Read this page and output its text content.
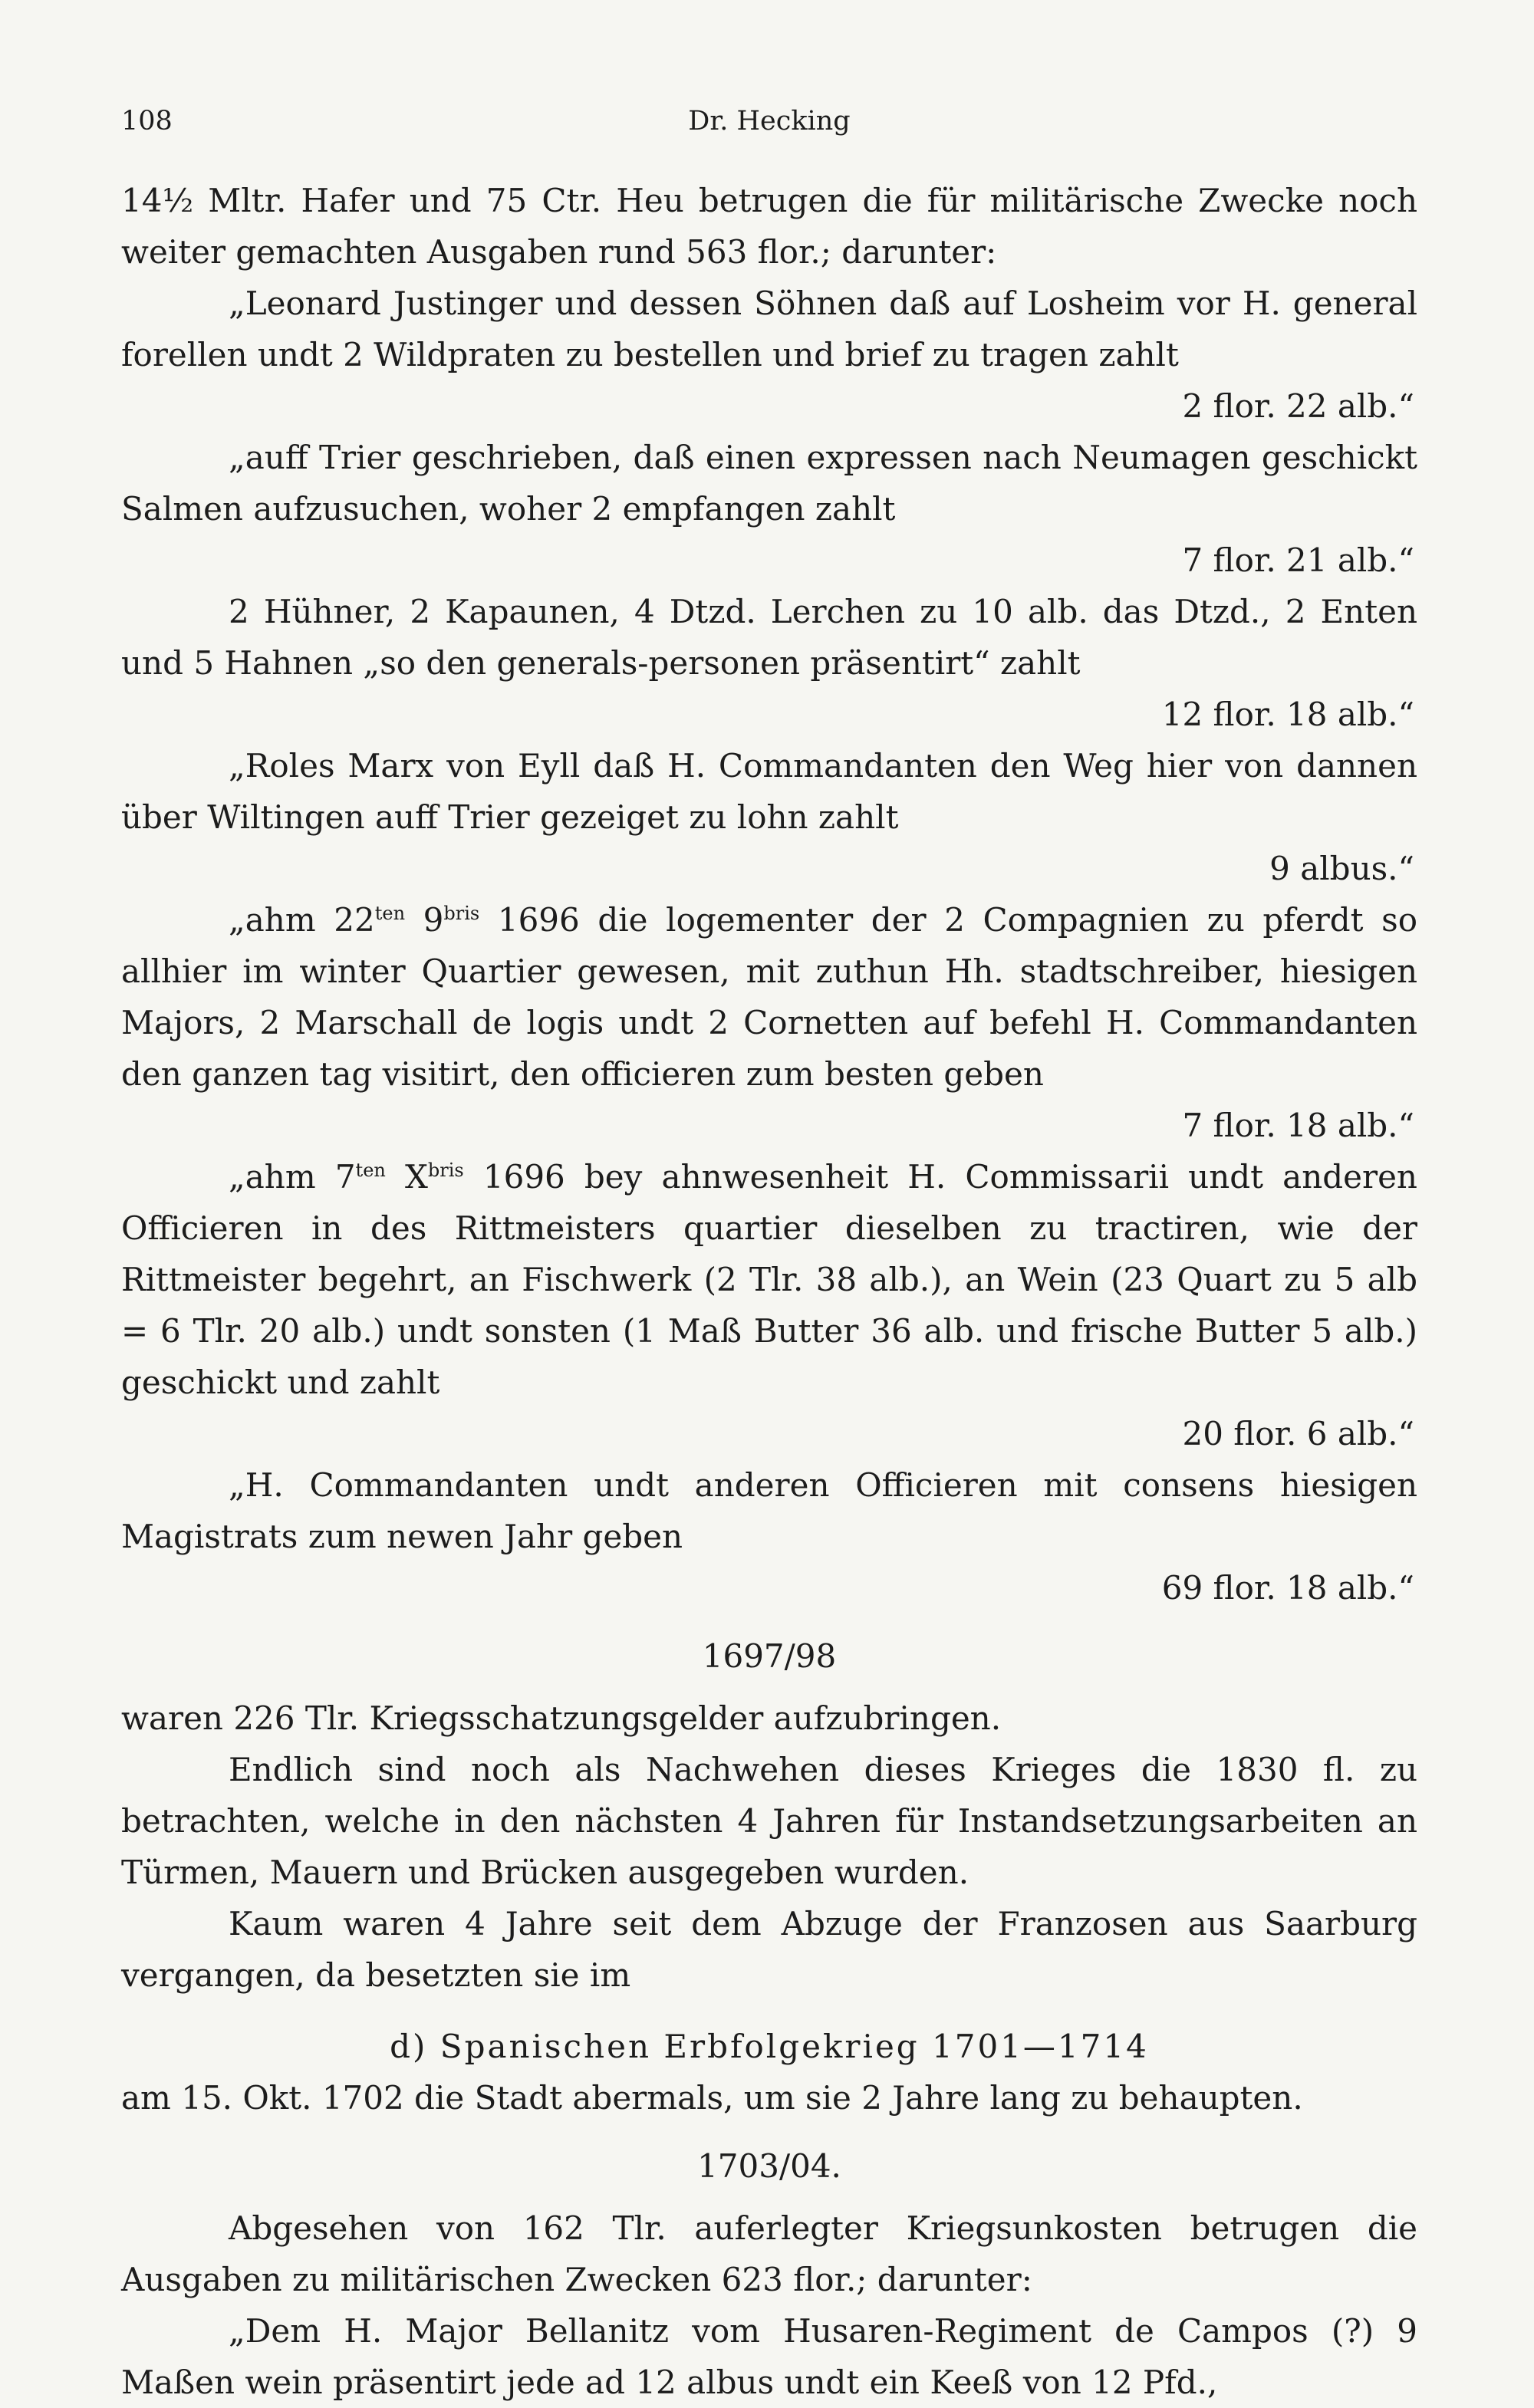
108	Dr. Hecking

14½ Mltr. Hafer und 75 Ctr. Heu betrugen die für militärische Zwecke noch weiter gemachten Ausgaben rund 563 flor.; darunter:

„Leonard Justinger und dessen Söhnen daß auf Losheim vor H. general forellen undt 2 Wildpraten zu bestellen und brief zu tragen zahlt

2 flor. 22 alb.“

„auff Trier geschrieben, daß einen expressen nach Neumagen geschickt Salmen aufzusuchen, woher 2 empfangen zahlt

7 flor. 21 alb.“

2 Hühner, 2 Kapaunen, 4 Dtzd. Lerchen zu 10 alb. das Dtzd., 2 Enten und 5 Hahnen „so den generals-personen präsentirt“ zahlt

12 flor. 18 alb.“

„Roles Marx von Eyll daß H. Commandanten den Weg hier von dannen über Wiltingen auff Trier gezeiget zu lohn zahlt

9 albus.“

„ahm $22^{ten}$ $9^{bris}$ 1696 die logementer der 2 Compagnien zu pferdt so allhier im winter Quartier gewesen, mit zuthun Hh. stadtschreiber, hiesigen Majors, 2 Marschall de logis undt 2 Cornetten auf befehl H. Commandanten den ganzen tag visitirt, den officieren zum besten geben

7 flor. 18 alb.“

„ahm $7^{ten}$ $X^{bris}$ 1696 bey ahnwesenheit H. Commissarii undt anderen Officieren in des Rittmeisters quartier dieselben zu tractiren, wie der Rittmeister begehrt, an Fischwerk (2 Tlr. 38 alb.), an Wein (23 Quart zu 5 alb = 6 Tlr. 20 alb.) undt sonsten (1 Maß Butter 36 alb. und frische Butter 5 alb.) geschickt und zahlt

20 flor. 6 alb.“

„H. Commandanten undt anderen Officieren mit consens hiesigen Magistrats zum newen Jahr geben

69 flor. 18 alb.“

1697/98

waren 226 Tlr. Kriegsschatzungsgelder aufzubringen.

Endlich sind noch als Nachwehen dieses Krieges die 1830 fl. zu betrachten, welche in den nächsten 4 Jahren für Instandsetzungsarbeiten an Türmen, Mauern und Brücken ausgegeben wurden.

Kaum waren 4 Jahre seit dem Abzuge der Franzosen aus Saarburg vergangen, da besetzten sie im

d) Spanischen Erbfolgekrieg 1701—1714

am 15. Okt. 1702 die Stadt abermals, um sie 2 Jahre lang zu behaupten.

1703/04.

Abgesehen von 162 Tlr. auferlegter Kriegsunkosten betrugen die Ausgaben zu militärischen Zwecken 623 flor.; darunter:

„Dem H. Major Bellanitz vom Husaren-Regiment de Campos (?) 9 Maßen wein präsentirt jede ad 12 albus undt ein Keeß von 12 Pfd.,
